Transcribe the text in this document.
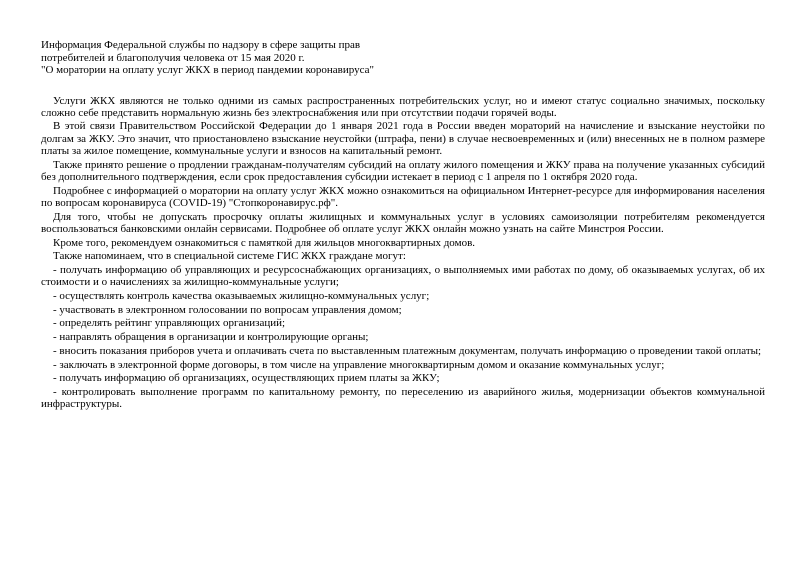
Информация Федеральной службы по надзору в сфере защиты прав
потребителей и благополучия человека от 15 мая 2020 г.
"О моратории на оплату услуг ЖКХ в период пандемии коронавируса"

Услуги ЖКХ являются не только одними из самых распространенных потребительских услуг, но и имеют статус социально значимых, поскольку сложно себе представить нормальную жизнь без электроснабжения или при отсутствии подачи горячей воды.

В этой связи Правительством Российской Федерации до 1 января 2021 года в России введен мораторий на начисление и взыскание неустойки по долгам за ЖКУ. Это значит, что приостановлено взыскание неустойки (штрафа, пени) в случае несвоевременных и (или) внесенных не в полном размере платы за жилое помещение, коммунальные услуги и взносов на капитальный ремонт.

Также принято решение о продлении гражданам-получателям субсидий на оплату жилого помещения и ЖКУ права на получение указанных субсидий без дополнительного подтверждения, если срок предоставления субсидии истекает в период с 1 апреля по 1 октября 2020 года.

Подробнее с информацией о моратории на оплату услуг ЖКХ можно ознакомиться на официальном Интернет-ресурсе для информирования населения по вопросам коронавируса (COVID-19) "Стопкоронавирус.рф".

Для того, чтобы не допускать просрочку оплаты жилищных и коммунальных услуг в условиях самоизоляции потребителям рекомендуется воспользоваться банковскими онлайн сервисами. Подробнее об оплате услуг ЖКХ онлайн можно узнать на сайте Минстроя России.

Кроме того, рекомендуем ознакомиться с памяткой для жильцов многоквартирных домов.

Также напоминаем, что в специальной системе ГИС ЖКХ граждане могут:

- получать информацию об управляющих и ресурсоснабжающих организациях, о выполняемых ими работах по дому, об оказываемых услугах, об их стоимости и о начислениях за жилищно-коммунальные услуги;

- осуществлять контроль качества оказываемых жилищно-коммунальных услуг;

- участвовать в электронном голосовании по вопросам управления домом;

- определять рейтинг управляющих организаций;

- направлять обращения в организации и контролирующие органы;

- вносить показания приборов учета и оплачивать счета по выставленным платежным документам, получать информацию о проведении такой оплаты;

- заключать в электронной форме договоры, в том числе на управление многоквартирным домом и оказание коммунальных услуг;

- получать информацию об организациях, осуществляющих прием платы за ЖКУ;

- контролировать выполнение программ по капитальному ремонту, по переселению из аварийного жилья, модернизации объектов коммунальной инфраструктуры.
